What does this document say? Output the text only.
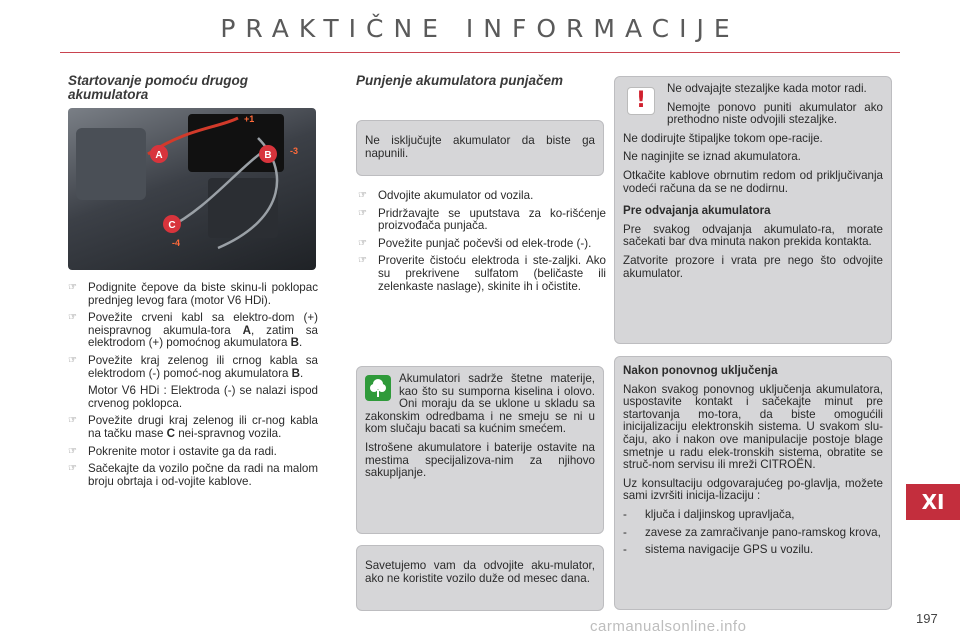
PRAKTIČNE INFORMACIJE
Startovanje pomoću drugog akumulatora
A	B
C
+1
-3
-4
☞ Podignite čepove da biste skinu-li poklopac prednjeg levog fara (motor V6 HDi).
☞ Povežite crveni kabl sa elektro-dom (+) neispravnog akumula-tora A, zatim sa elektrodom (+) pomoćnog akumulatora B.
☞ Povežite kraj zelenog ili crnog kabla sa elektrodom (-) pomoć-nog akumulatora B.
Motor V6 HDi : Elektroda (-) se nalazi ispod crvenog poklopca.
☞ Povežite drugi kraj zelenog ili cr-nog kabla na tačku mase C nei-spravnog vozila.
☞ Pokrenite motor i ostavite ga da radi.
☞ Sačekajte da vozilo počne da radi na malom broju obrtaja i od-vojite kablove.
Punjenje akumulatora punjačem

Ne isključujte akumulator da biste ga napunili.

☞ Odvojite akumulator od vozila.
☞ Pridržavajte se uputstava za ko-rišćenje proizvođača punjača.
☞ Povežite punjač počevši od elek-trode (-).
☞ Proverite čistoću elektroda i ste-zaljki. Ako su prekrivene sulfatom (beličaste ili zelenkaste naslage), skinite ih i očistite.

Akumulatori sadrže štetne materije, kao što su sumporna kiselina i olovo. Oni moraju da se uklone u skladu sa zakonskim odredbama i ne smeju se ni u kom slučaju bacati sa kućnim smećem.

Istrošene akumulatore i baterije ostavite na mestima specijalizova-nim za njihovo sakupljanje.

Savetujemo vam da odvojite aku-mulator, ako ne koristite vozilo duže od mesec dana.

!	Ne odvajajte stezaljke kada motor radi.

Nemojte ponovo puniti akumulator ako prethodno niste odvojili stezaljke.

Ne dodirujte štipaljke tokom ope-racije.

Ne naginjite se iznad akumulatora.

Otkačite kablove obrnutim redom od priključivanja vodeći računa da se ne dodirnu.

Pre odvajanja akumulatora

Pre svakog odvajanja akumulato-ra, morate sačekati bar dva minuta nakon prekida kontakta.

Zatvorite prozore i vrata pre nego što odvojite akumulator.

Nakon ponovnog uključenja

Nakon svakog ponovnog uključenja akumulatora, uspostavite kontakt i sačekajte minut pre startovanja mo-tora, da biste omogućili inicijalizaciju elektronskih sistema. U svakom slu-čaju, ako i nakon ove manipulacije postoje blage smetnje u radu elek-tronskih sistema, obratite se struč-nom servisu ili mreži CITROËN.

Uz konsultaciju odgovarajućeg po-glavlja, možete sami izvršiti inicija-lizaciju :

- ključa i daljinskog upravljača,
- zavese za zamračivanje pano-ramskog krova,
- sistema navigacije GPS u vozilu.
XI
197
carmanualsonline.info
